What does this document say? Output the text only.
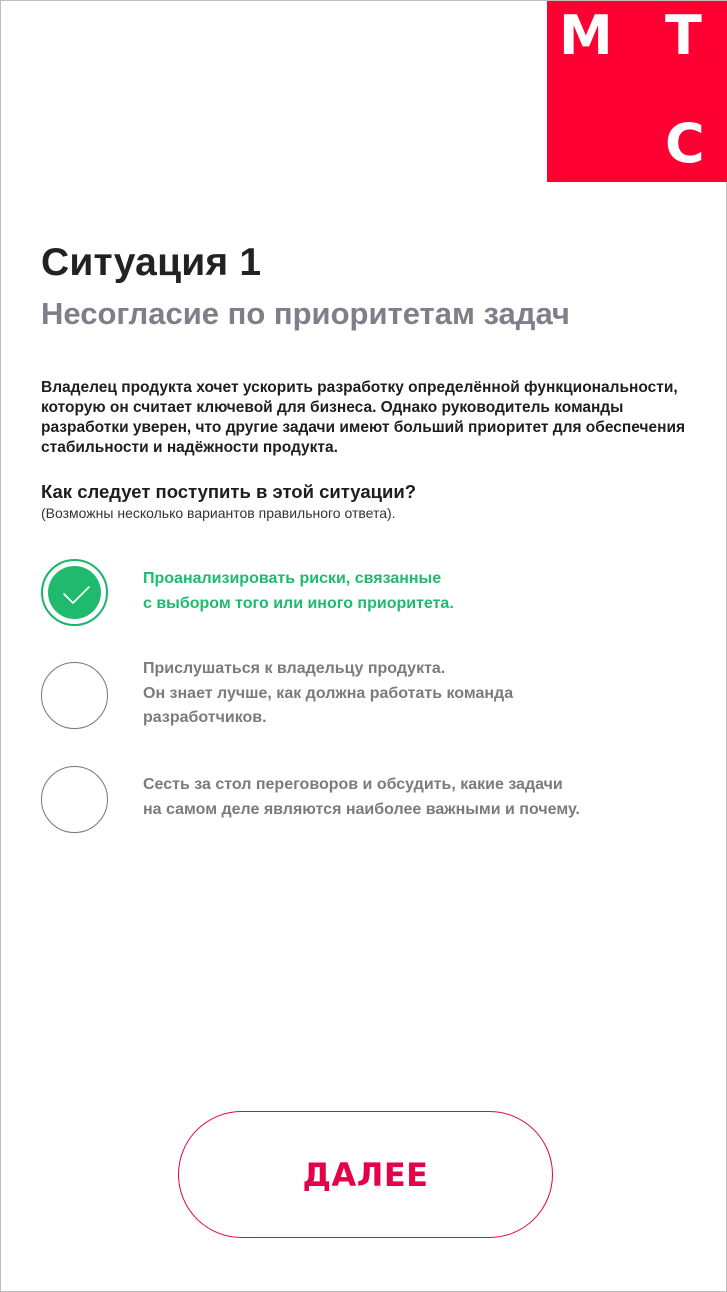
М Т
С
Ситуация 1
Несогласие по приоритетам задач

Владелец продукта хочет ускорить разработку определённой функциональности, которую он считает ключевой для бизнеса. Однако руководитель команды разработки уверен, что другие задачи имеют больший приоритет для обеспечения стабильности и надёжности продукта.

Как следует поступить в этой ситуации?

(Возможны несколько вариантов правильного ответа).

Проанализировать риски, связанные
с выбором того или иного приоритета.
Прислушаться к владельцу продукта.
Он знает лучше, как должна работать команда
разработчиков.
Сесть за стол переговоров и обсудить, какие задачи
на самом деле являются наиболее важными и почему.
ДАЛЕЕ
